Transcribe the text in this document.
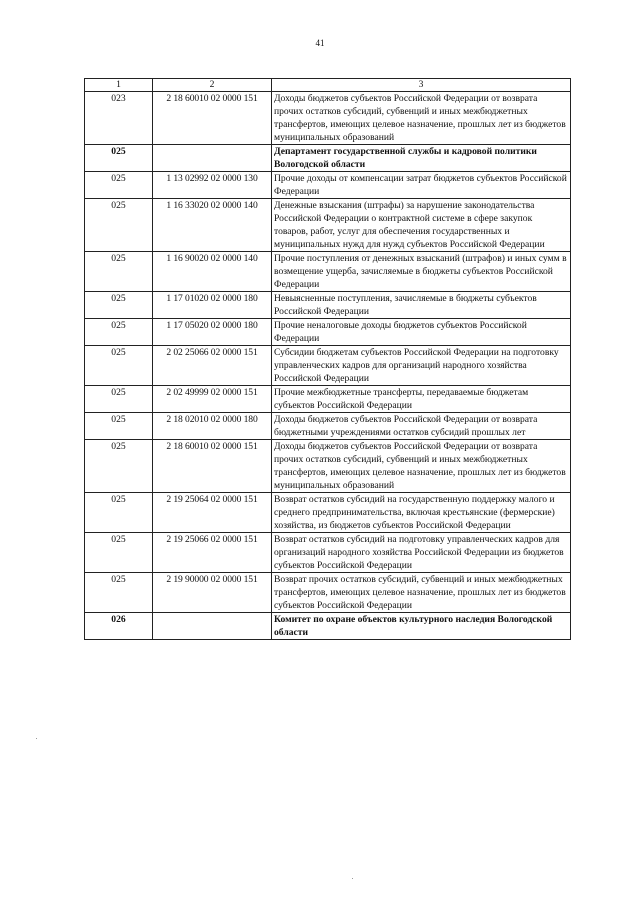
41
1	2	3
023	2 18 60010 02 0000 151	Доходы бюджетов субъектов Российской Федерации от возврата прочих остатков субсидий, субвенций и иных межбюджетных трансфертов, имеющих целевое назначение, прошлых лет из бюджетов муниципальных образований
025		Департамент государственной службы и кадровой политики Вологодской области
025	1 13 02992 02 0000 130	Прочие доходы от компенсации затрат бюджетов субъектов Российской Федерации
025	1 16 33020 02 0000 140	Денежные взыскания (штрафы) за нарушение законодательства Российской Федерации о контрактной системе в сфере закупок товаров, работ, услуг для обеспечения государственных и муниципальных нужд для нужд субъектов Российской Федерации
025	1 16 90020 02 0000 140	Прочие поступления от денежных взысканий (штрафов) и иных сумм в возмещение ущерба, зачисляемые в бюджеты субъектов Российской Федерации
025	1 17 01020 02 0000 180	Невыясненные поступления, зачисляемые в бюджеты субъектов Российской Федерации
025	1 17 05020 02 0000 180	Прочие неналоговые доходы бюджетов субъектов Российской Федерации
025	2 02 25066 02 0000 151	Субсидии бюджетам субъектов Российской Федерации на подготовку управленческих кадров для организаций народного хозяйства Российской Федерации
025	2 02 49999 02 0000 151	Прочие межбюджетные трансферты, передаваемые бюджетам субъектов Российской Федерации
025	2 18 02010 02 0000 180	Доходы бюджетов субъектов Российской Федерации от возврата бюджетными учреждениями остатков субсидий прошлых лет
025	2 18 60010 02 0000 151	Доходы бюджетов субъектов Российской Федерации от возврата прочих остатков субсидий, субвенций и иных межбюджетных трансфертов, имеющих целевое назначение, прошлых лет из бюджетов муниципальных образований
025	2 19 25064 02 0000 151	Возврат остатков субсидий на государственную поддержку малого и среднего предпринимательства, включая крестьянские (фермерские) хозяйства, из бюджетов субъектов Российской Федерации
025	2 19 25066 02 0000 151	Возврат остатков субсидий на подготовку управленческих кадров для организаций народного хозяйства Российской Федерации из бюджетов субъектов Российской Федерации
025	2 19 90000 02 0000 151	Возврат прочих остатков субсидий, субвенций и иных межбюджетных трансфертов, имеющих целевое назначение, прошлых лет из бюджетов субъектов Российской Федерации
026		Комитет по охране объектов культурного наследия Вологодской области
